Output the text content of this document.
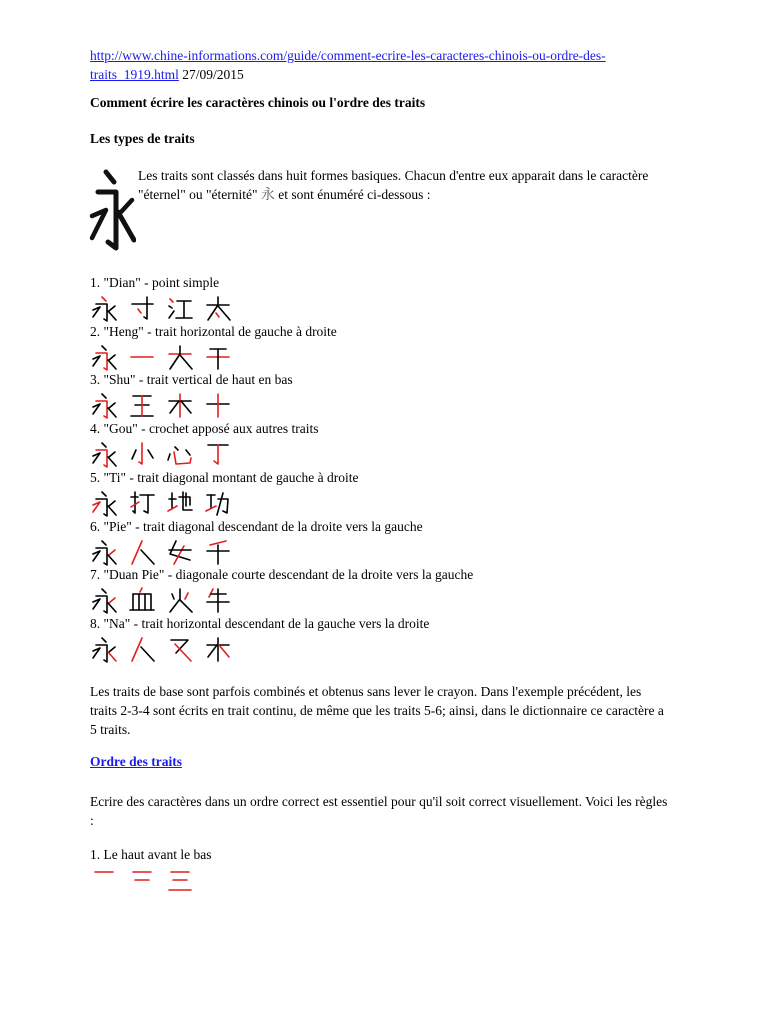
http://www.chine-informations.com/guide/comment-ecrire-les-caracteres-chinois-ou-ordre-des-traits_1919.html 27/09/2015
Comment écrire les caractères chinois ou l'ordre des traits
Les types de traits
Les traits sont classés dans huit formes basiques. Chacun d'entre eux apparait dans le caractère "éternel" ou "éternité" 永 et sont énuméré ci-dessous :
1. "Dian" - point simple
2. "Heng" - trait horizontal de gauche à droite
3. "Shu" - trait vertical de haut en bas
4. "Gou" - crochet apposé aux autres traits
5. "Ti" - trait diagonal montant de gauche à droite
6. "Pie" - trait diagonal descendant de la droite vers la gauche
7. "Duan Pie" - diagonale courte descendant de la droite vers la gauche
8. "Na" - trait horizontal descendant de la gauche vers la droite
Les traits de base sont parfois combinés et obtenus sans lever le crayon. Dans l'exemple précédent, les traits 2-3-4 sont écrits en trait continu, de même que les traits 5-6; ainsi, dans le dictionnaire ce caractère a 5 traits.
Ordre des traits
Ecrire des caractères dans un ordre correct est essentiel pour qu'il soit correct visuellement. Voici les règles :
1. Le haut avant le bas
